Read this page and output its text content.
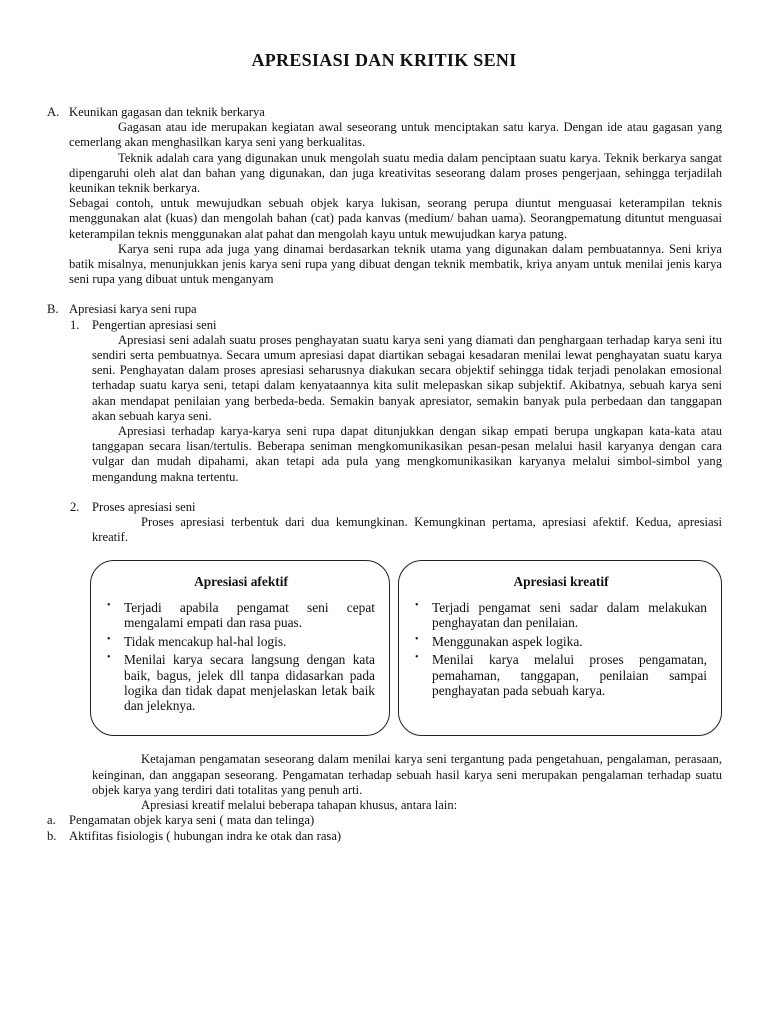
APRESIASI DAN KRITIK SENI
A. Keunikan gagasan dan teknik berkarya

Gagasan atau ide merupakan kegiatan awal seseorang untuk menciptakan satu karya. Dengan ide atau gagasan yang cemerlang akan menghasilkan karya seni yang berkualitas.

Teknik adalah cara yang digunakan unuk mengolah suatu media dalam penciptaan suatu karya. Teknik berkarya sangat dipengaruhi oleh alat dan bahan yang digunakan, dan juga kreativitas seseorang dalam proses pengerjaan, sehingga terjadilah keunikan teknik berkarya.

Sebagai contoh, untuk mewujudkan sebuah objek karya lukisan, seorang perupa diuntut menguasai keterampilan teknis menggunakan alat (kuas) dan mengolah bahan (cat) pada kanvas (medium/ bahan uama). Seorangpematung dituntut menguasai keterampilan teknis menggunakan alat pahat dan mengolah kayu untuk mewujudkan karya patung.

Karya seni rupa ada juga yang dinamai berdasarkan teknik utama yang digunakan dalam pembuatannya. Seni kriya batik misalnya, menunjukkan jenis karya seni rupa yang dibuat dengan teknik membatik, kriya anyam untuk menilai jenis karya seni rupa yang dibuat untuk menganyam

B. Apresiasi karya seni rupa
1. Pengertian apresiasi seni

Apresiasi seni adalah suatu proses penghayatan suatu karya seni yang diamati dan penghargaan terhadap karya seni itu sendiri serta pembuatnya. Secara umum apresiasi dapat diartikan sebagai kesadaran menilai lewat penghayatan suatu karya seni. Penghayatan dalam proses apresiasi seharusnya diakukan secara objektif sehingga tidak terjadi penolakan emosional terhadap suatu karya seni, tetapi dalam kenyataannya kita sulit melepaskan sikap subjektif. Akibatnya, sebuah karya seni akan mendapat penilaian yang berbeda-beda. Semakin banyak apresiator, semakin banyak pula perbedaan dan tanggapan akan sebuah karya seni.

Apresiasi terhadap karya-karya seni rupa dapat ditunjukkan dengan sikap empati berupa ungkapan kata-kata atau tanggapan secara lisan/tertulis. Beberapa seniman mengkomunikasikan pesan-pesan melalui hasil karyanya dengan cara vulgar dan mudah dipahami, akan tetapi ada pula yang mengkomunikasikan karyanya melalui simbol-simbol yang mengandung makna tertentu.

2. Proses apresiasi seni

Proses apresiasi terbentuk dari dua kemungkinan. Kemungkinan pertama, apresiasi afektif. Kedua, apresiasi kreatif.

Apresiasi afektif
• Terjadi apabila pengamat seni cepat mengalami empati dan rasa puas.
• Tidak mencakup hal-hal logis.
• Menilai karya secara langsung dengan kata baik, bagus, jelek dll tanpa didasarkan pada logika dan tidak dapat menjelaskan letak baik dan jeleknya.
Apresiasi kreatif
• Terjadi pengamat seni sadar dalam melakukan penghayatan dan penilaian.
• Menggunakan aspek logika.
• Menilai karya melalui proses pengamatan, pemahaman, tanggapan, penilaian sampai penghayatan pada sebuah karya.

Ketajaman pengamatan seseorang dalam menilai karya seni tergantung pada pengetahuan, pengalaman, perasaan, keinginan, dan anggapan seseorang. Pengamatan terhadap sebuah hasil karya seni merupakan pengalaman terhadap suatu objek karya yang terdiri dati totalitas yang penuh arti.

Apresiasi kreatif melalui beberapa tahapan khusus, antara lain:

a. Pengamatan objek karya seni ( mata dan telinga)
b. Aktifitas fisiologis ( hubungan indra ke otak dan rasa)
